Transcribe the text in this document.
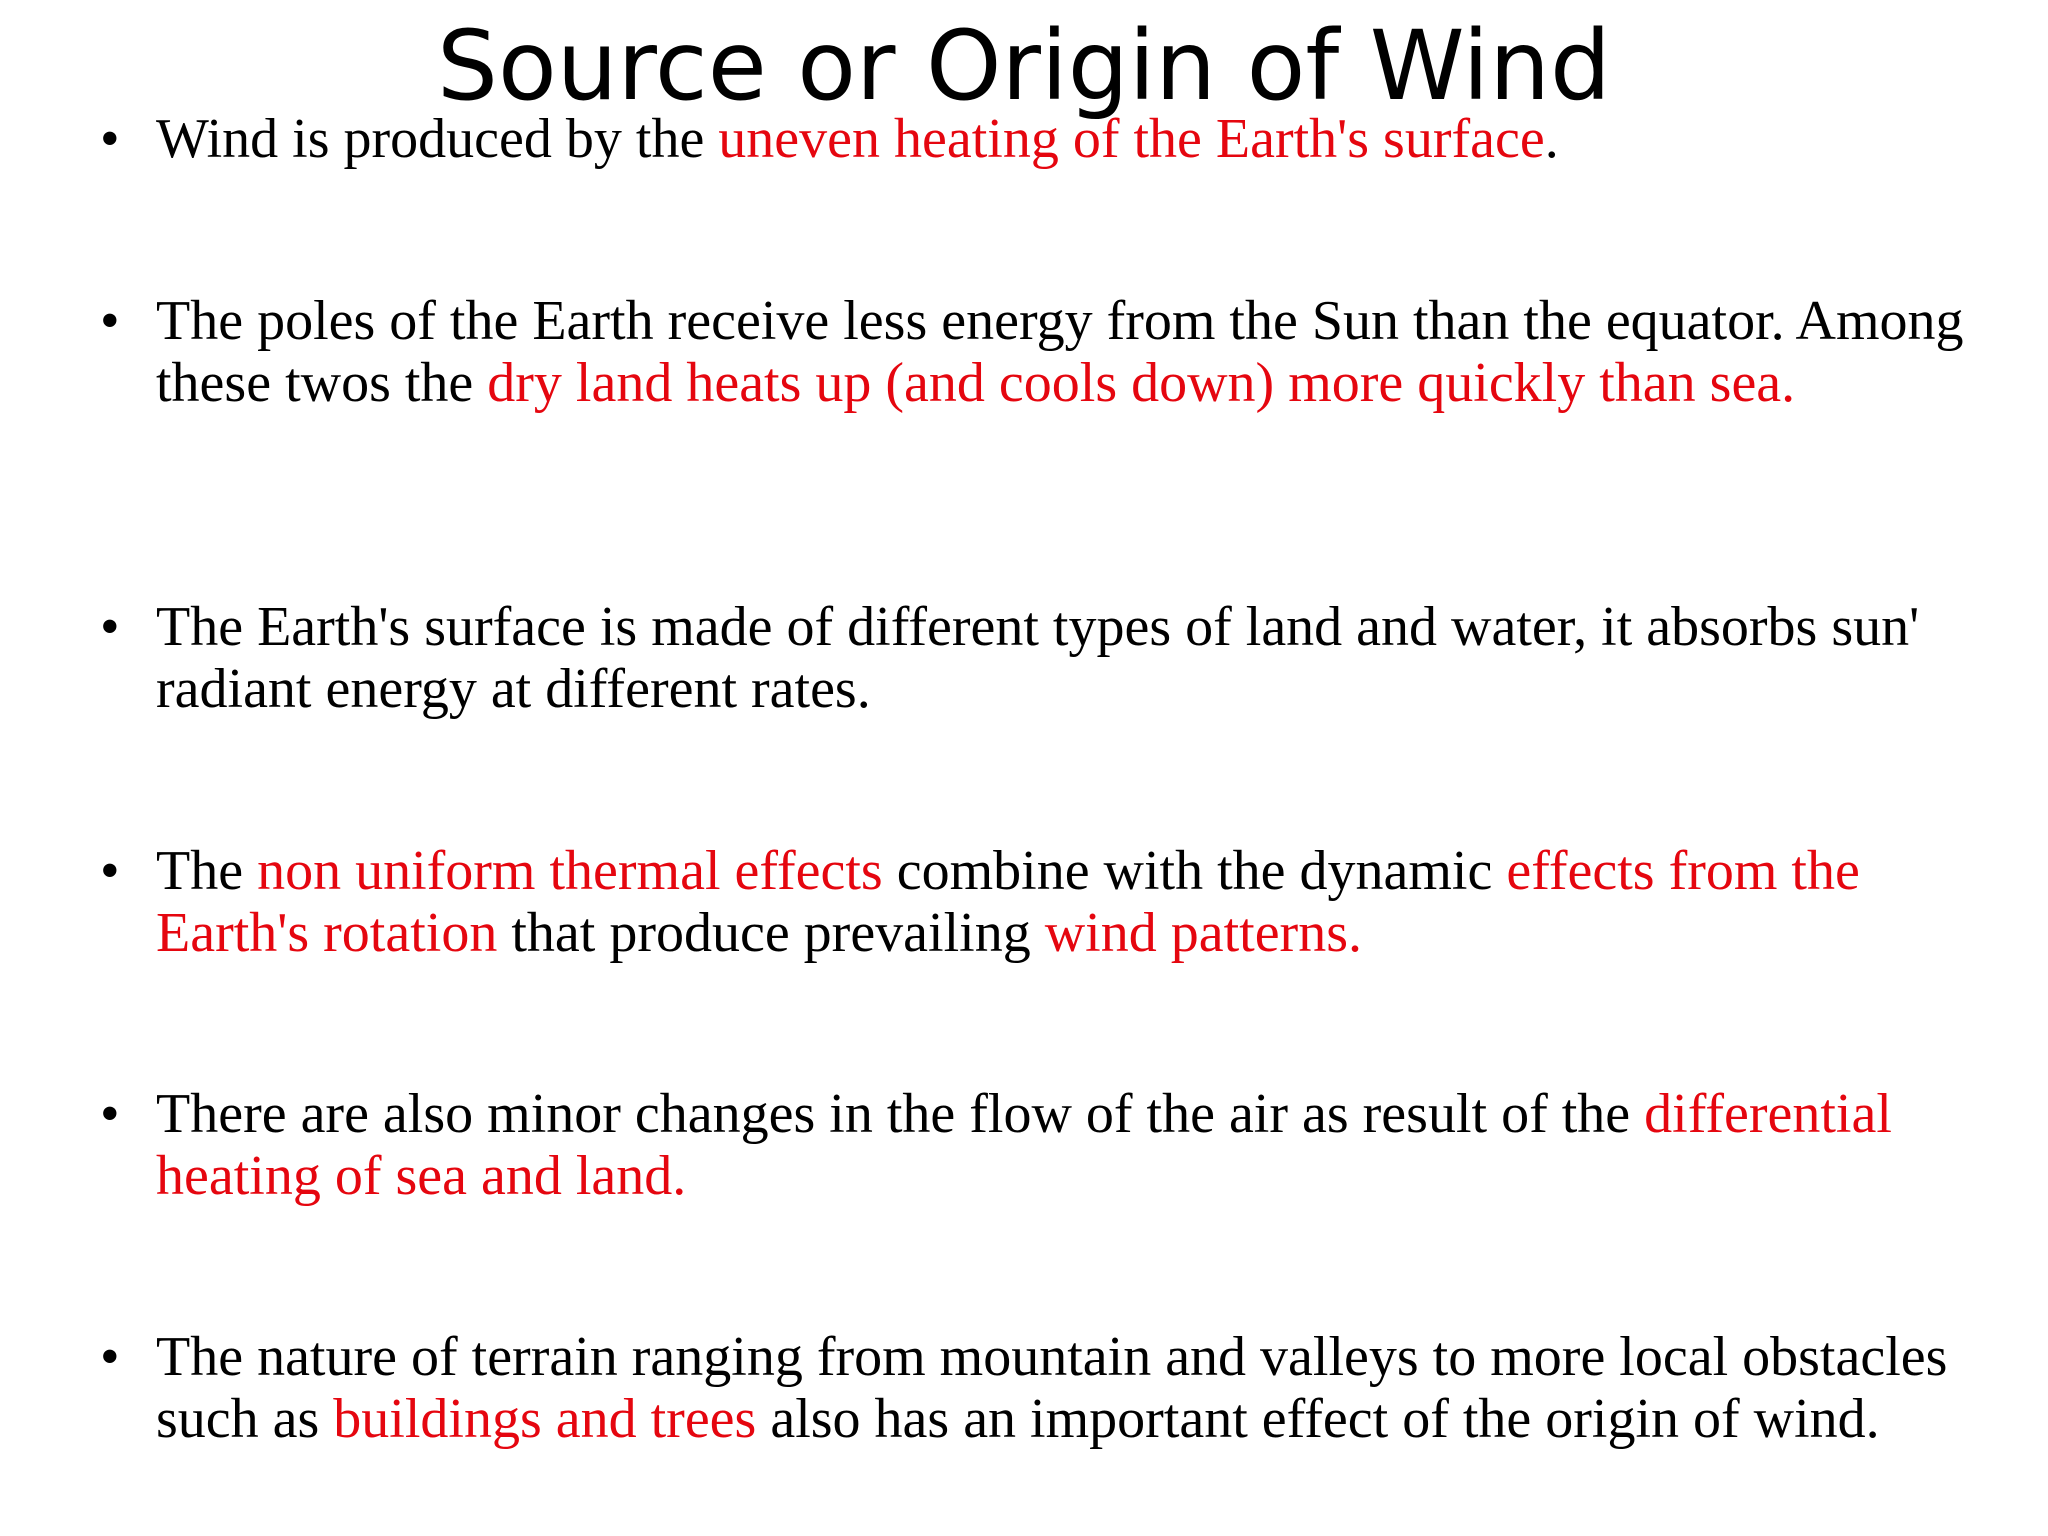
Source or Origin of Wind
• Wind is produced by the uneven heating of the Earth's surface.
• The poles of the Earth receive less energy from the Sun than the equator. Among these twos the dry land heats up (and cools down) more quickly than sea.
• The Earth's surface is made of different types of land and water, it absorbs sun' radiant energy at different rates.
• The non uniform thermal effects combine with the dynamic effects from the Earth's rotation that produce prevailing wind patterns.
• There are also minor changes in the flow of the air as result of the differential heating of sea and land.
• The nature of terrain ranging from mountain and valleys to more local obstacles such as buildings and trees also has an important effect of the origin of wind.
